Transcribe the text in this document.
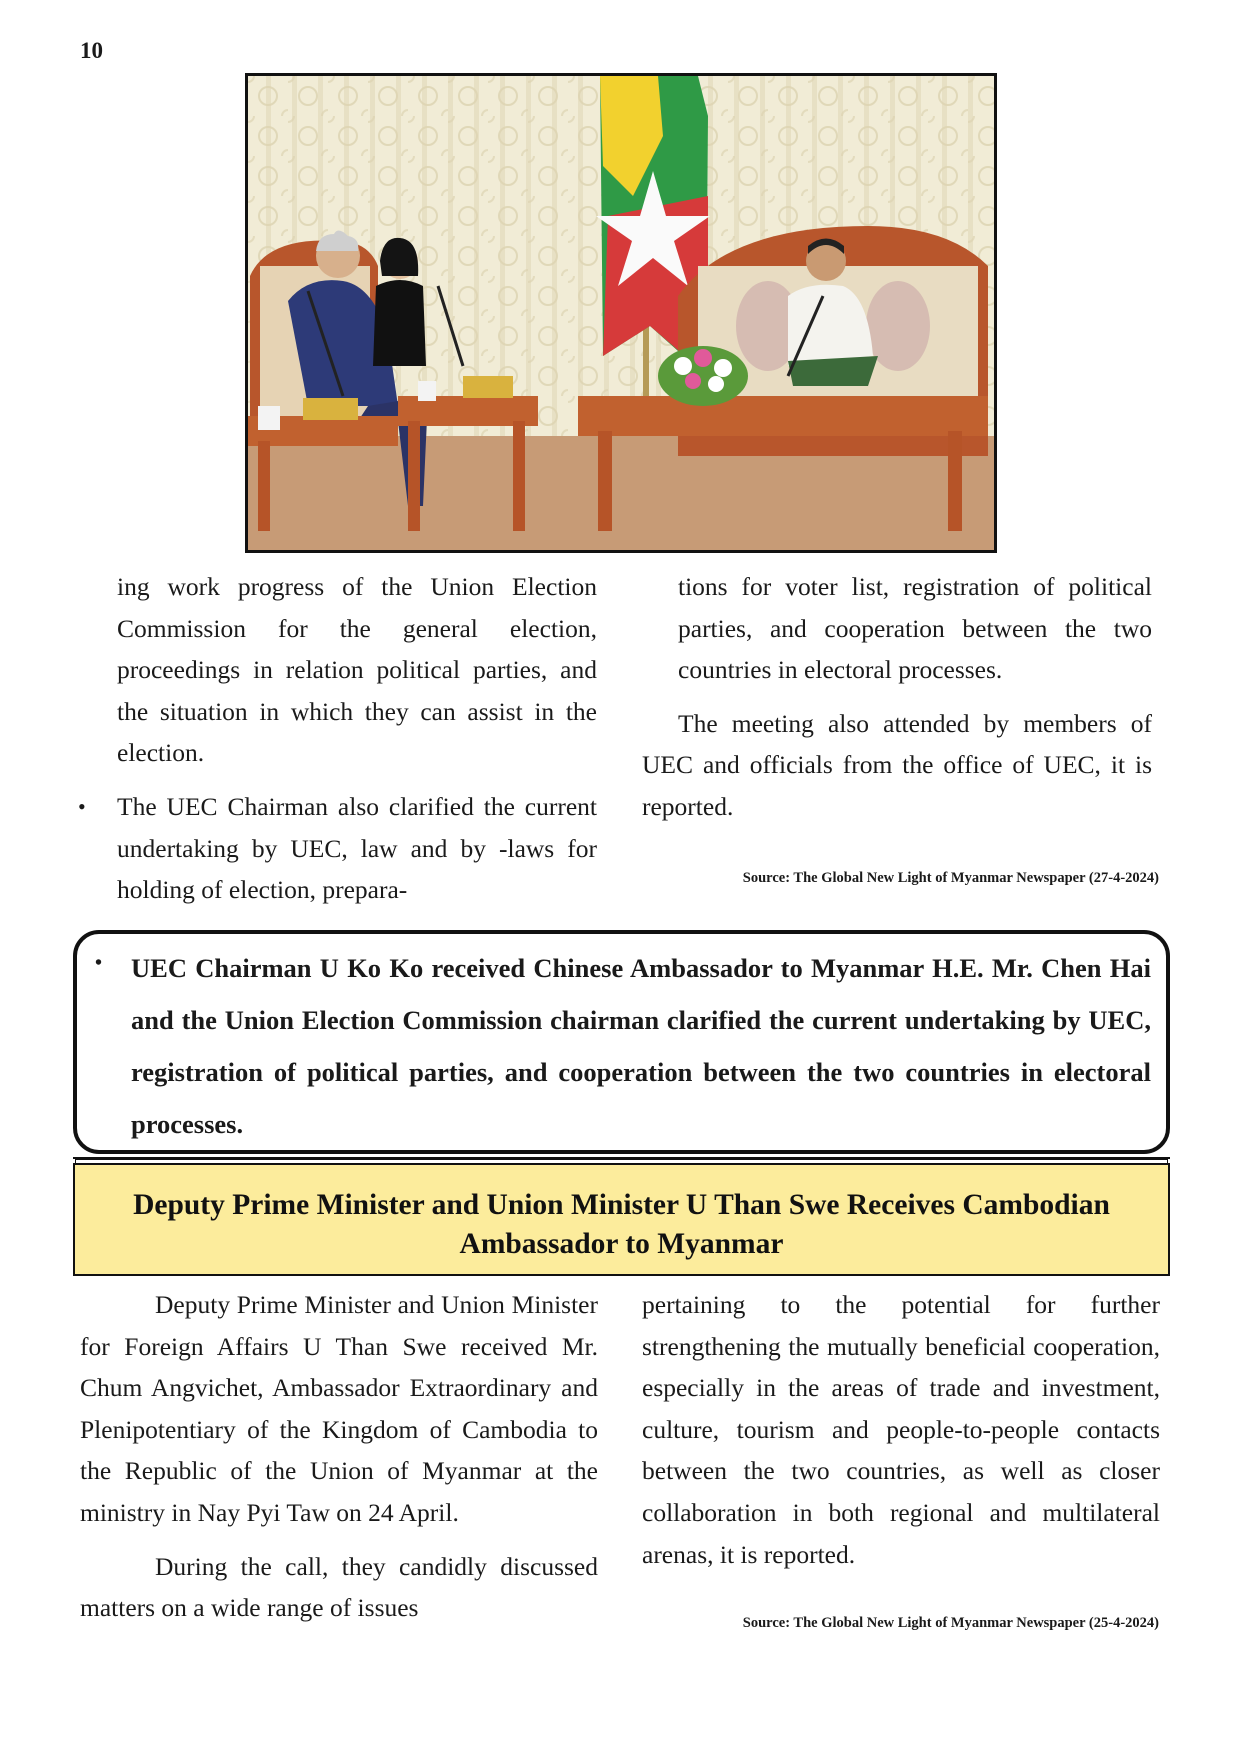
10

ing work progress of the Union Election Commission for the general election, proceedings in relation political parties, and the situation in which they can assist in the election.

• The UEC Chairman also clarified the current undertaking by UEC, law and by -laws for holding of election, prepara-

tions for voter list, registration of political parties, and cooperation between the two countries in electoral processes.

The meeting also attended by members of UEC and officials from the office of UEC, it is reported.

Source: The Global New Light of Myanmar Newspaper (27-4-2024)
• UEC Chairman U Ko Ko received Chinese Ambassador to Myanmar H.E. Mr. Chen Hai and the Union Election Commission chairman clarified the current undertaking by UEC, registration of political parties, and cooperation between the two countries in electoral processes.

Deputy Prime Minister and Union Minister U Than Swe Receives Cambodian Ambassador to Myanmar

Deputy Prime Minister and Union Minister for Foreign Affairs U Than Swe received Mr. Chum Angvichet, Ambassador Extraordinary and Plenipotentiary of the Kingdom of Cambodia to the Republic of the Union of Myanmar at the ministry in Nay Pyi Taw on 24 April.

During the call, they candidly discussed matters on a wide range of issues

pertaining to the potential for further strengthening the mutually beneficial cooperation, especially in the areas of trade and investment, culture, tourism and people-to-people contacts between the two countries, as well as closer collaboration in both regional and multilateral arenas, it is reported.

Source: The Global New Light of Myanmar Newspaper (25-4-2024)
